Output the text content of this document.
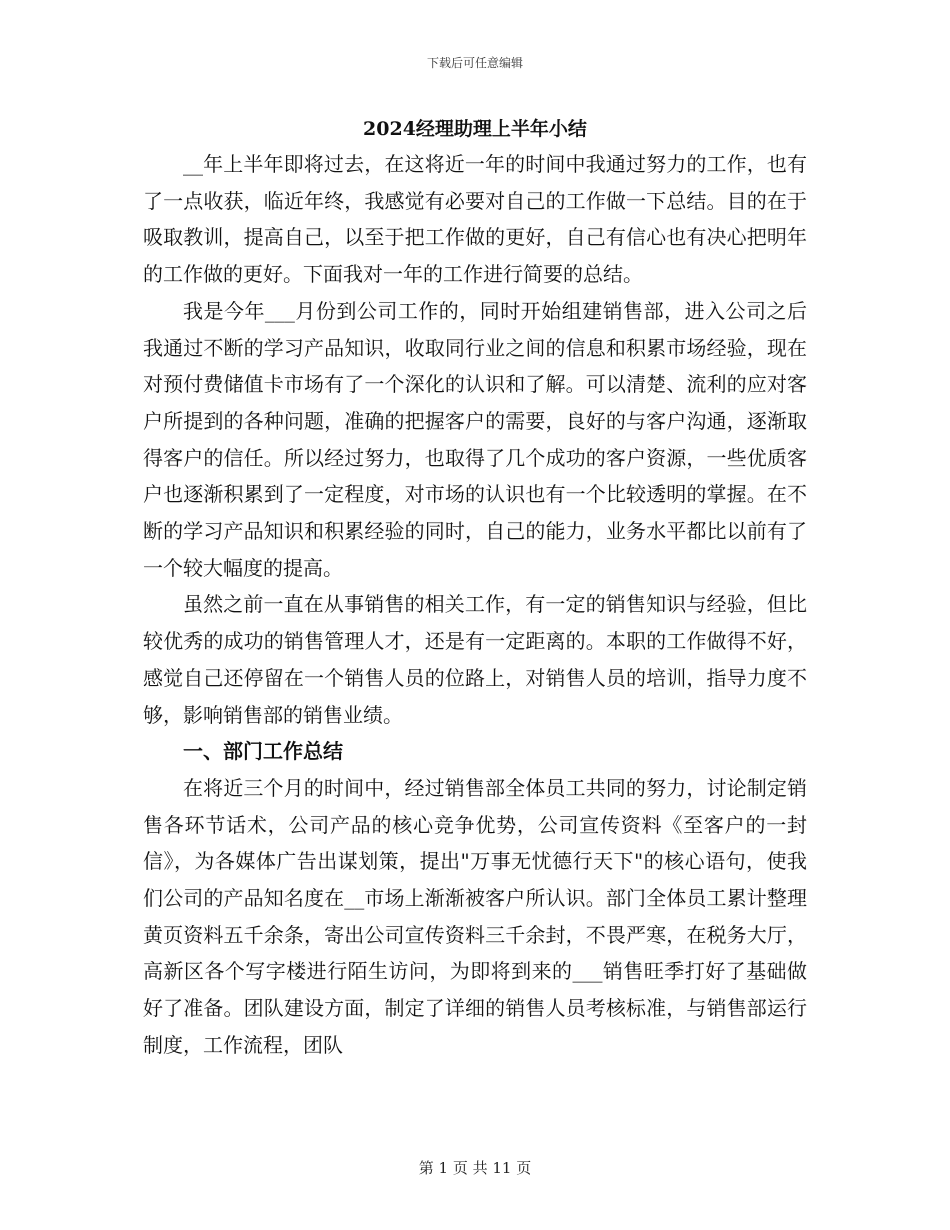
下载后可任意编辑
2024经理助理上半年小结

__年上半年即将过去，在这将近一年的时间中我通过努力的工作，也有了一点收获，临近年终，我感觉有必要对自己的工作做一下总结。目的在于吸取教训，提高自己，以至于把工作做的更好，自己有信心也有决心把明年的工作做的更好。下面我对一年的工作进行简要的总结。

我是今年___月份到公司工作的，同时开始组建销售部，进入公司之后我通过不断的学习产品知识，收取同行业之间的信息和积累市场经验，现在对预付费储值卡市场有了一个深化的认识和了解。可以清楚、流利的应对客户所提到的各种问题，准确的把握客户的需要，良好的与客户沟通，逐渐取得客户的信任。所以经过努力，也取得了几个成功的客户资源，一些优质客户也逐渐积累到了一定程度，对市场的认识也有一个比较透明的掌握。在不断的学习产品知识和积累经验的同时，自己的能力，业务水平都比以前有了一个较大幅度的提高。

虽然之前一直在从事销售的相关工作，有一定的销售知识与经验，但比较优秀的成功的销售管理人才，还是有一定距离的。本职的工作做得不好，感觉自己还停留在一个销售人员的位路上，对销售人员的培训，指导力度不够，影响销售部的销售业绩。

一、部门工作总结

在将近三个月的时间中，经过销售部全体员工共同的努力，讨论制定销售各环节话术，公司产品的核心竞争优势，公司宣传资料《至客户的一封信》，为各媒体广告出谋划策，提出"万事无忧德行天下"的核心语句，使我们公司的产品知名度在__市场上渐渐被客户所认识。部门全体员工累计整理黄页资料五千余条，寄出公司宣传资料三千余封，不畏严寒，在税务大厅，高新区各个写字楼进行陌生访问，为即将到来的___销售旺季打好了基础做好了准备。团队建设方面，制定了详细的销售人员考核标准，与销售部运行制度，工作流程，团队

第 1 页 共 11 页
